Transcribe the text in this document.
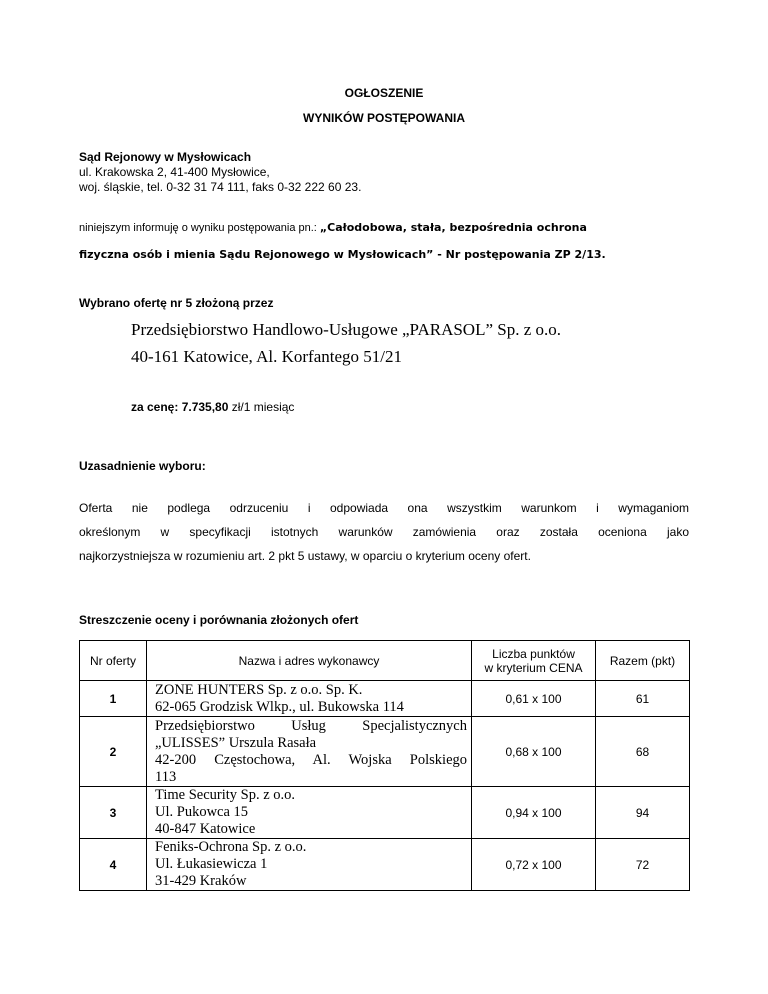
OGŁOSZENIE
WYNIKÓW POSTĘPOWANIA
Sąd Rejonowy w Mysłowicach
ul. Krakowska 2, 41-400 Mysłowice,
woj. śląskie, tel. 0-32 31 74 111, faks 0-32 222 60 23.
niniejszym informuję o wyniku postępowania pn.: „Całodobowa, stała, bezpośrednia ochrona
fizyczna osób i mienia Sądu Rejonowego w Mysłowicach” - Nr postępowania ZP 2/13.
Wybrano ofertę nr 5 złożoną przez
Przedsiębiorstwo Handlowo-Usługowe „PARASOL” Sp. z o.o.
40-161 Katowice, Al. Korfantego 51/21
za cenę: 7.735,80 zł/1 miesiąc
Uzasadnienie wyboru:
Oferta nie podlega odrzuceniu i odpowiada ona wszystkim warunkom i wymaganiom
określonym w specyfikacji istotnych warunków zamówienia oraz została oceniona jako
najkorzystniejsza w rozumieniu art. 2 pkt 5 ustawy, w oparciu o kryterium oceny ofert.
Streszczenie oceny i porównania złożonych ofert
Nr oferty	Nazwa i adres wykonawcy	Liczba punktów
w kryterium CENA	Razem (pkt)
1	ZONE HUNTERS Sp. z o.o. Sp. K.
62-065 Grodzisk Wlkp., ul. Bukowska 114	0,61 x 100	61
2	Przedsiębiorstwo Usług Specjalistycznych
„ULISSES” Urszula Rasała
42-200 Częstochowa, Al. Wojska Polskiego
113	0,68 x 100	68
3	Time Security Sp. z o.o.
Ul. Pukowca 15
40-847 Katowice	0,94 x 100	94
4	Feniks-Ochrona Sp. z o.o.
Ul. Łukasiewicza 1
31-429 Kraków	0,72 x 100	72
